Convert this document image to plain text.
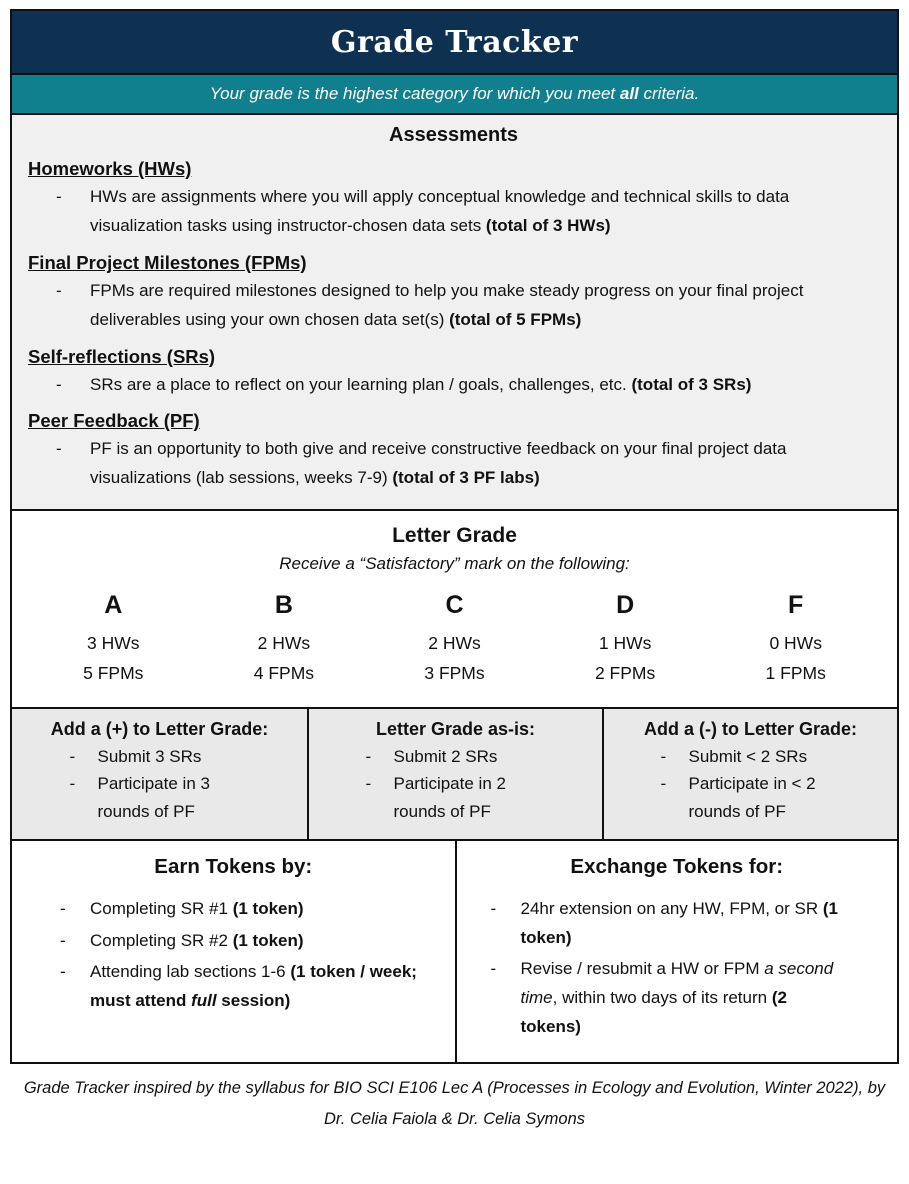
Grade Tracker
Your grade is the highest category for which you meet all criteria.
Assessments
Homeworks (HWs)
- HWs are assignments where you will apply conceptual knowledge and technical skills to data visualization tasks using instructor-chosen data sets (total of 3 HWs)
Final Project Milestones (FPMs)
- FPMs are required milestones designed to help you make steady progress on your final project deliverables using your own chosen data set(s) (total of 5 FPMs)
Self-reflections (SRs)
- SRs are a place to reflect on your learning plan / goals, challenges, etc. (total of 3 SRs)
Peer Feedback (PF)
- PF is an opportunity to both give and receive constructive feedback on your final project data visualizations (lab sessions, weeks 7-9) (total of 3 PF labs)
Letter Grade
Receive a “Satisfactory” mark on the following:
A
3 HWs
5 FPMs
B
2 HWs
4 FPMs
C
2 HWs
3 FPMs
D
1 HWs
2 FPMs
F
0 HWs
1 FPMs
Add a (+) to Letter Grade:
- Submit 3 SRs
- Participate in 3 rounds of PF
Letter Grade as-is:
- Submit 2 SRs
- Participate in 2 rounds of PF
Add a (-) to Letter Grade:
- Submit < 2 SRs
- Participate in < 2 rounds of PF
Earn Tokens by:
- Completing SR #1 (1 token)
- Completing SR #2 (1 token)
- Attending lab sections 1-6 (1 token / week; must attend full session)
Exchange Tokens for:
- 24hr extension on any HW, FPM, or SR (1 token)
- Revise / resubmit a HW or FPM a second time, within two days of its return (2 tokens)
Grade Tracker inspired by the syllabus for BIO SCI E106 Lec A (Processes in Ecology and Evolution, Winter 2022), by Dr. Celia Faiola & Dr. Celia Symons
